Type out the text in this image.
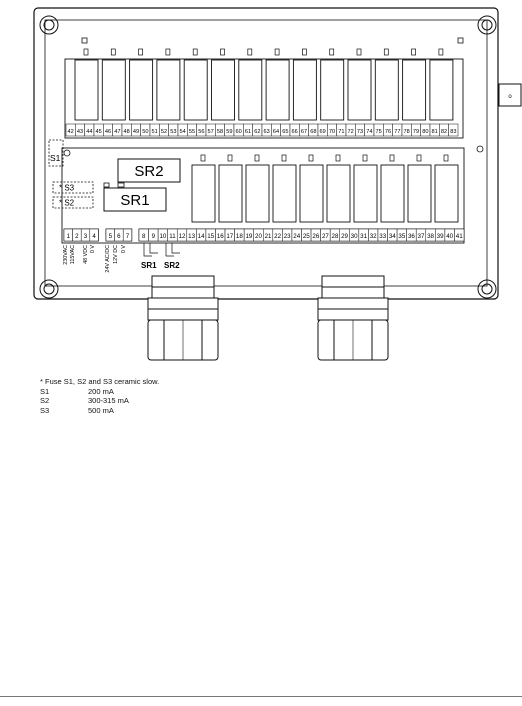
o
42 43 44 45 46 47 48 49 50 51 52 53 54 55 56 57 58 59 60 61 62 63 64 65 66 67 68 69 70 71 72 73 74 75 76 77 78 79 80 81 82 83
S1
SR2
SR1
* S3
* S2
1 2 3 4 5 6 7 8 9 10 11 12 13 14 15 16 17 18 19 20 21 22 23 24 25 26 27 28 29 30 31 32 33 34 35 36 37 38 39 40 41
230VAC 115VAC 48 VDC 0 V 24V AC/DC 12V DC 0 V
SR1 SR2
* Fuse S1, S2 and S3 ceramic slow.
S1	200 mA
S2	300-315 mA
S3	500 mA
